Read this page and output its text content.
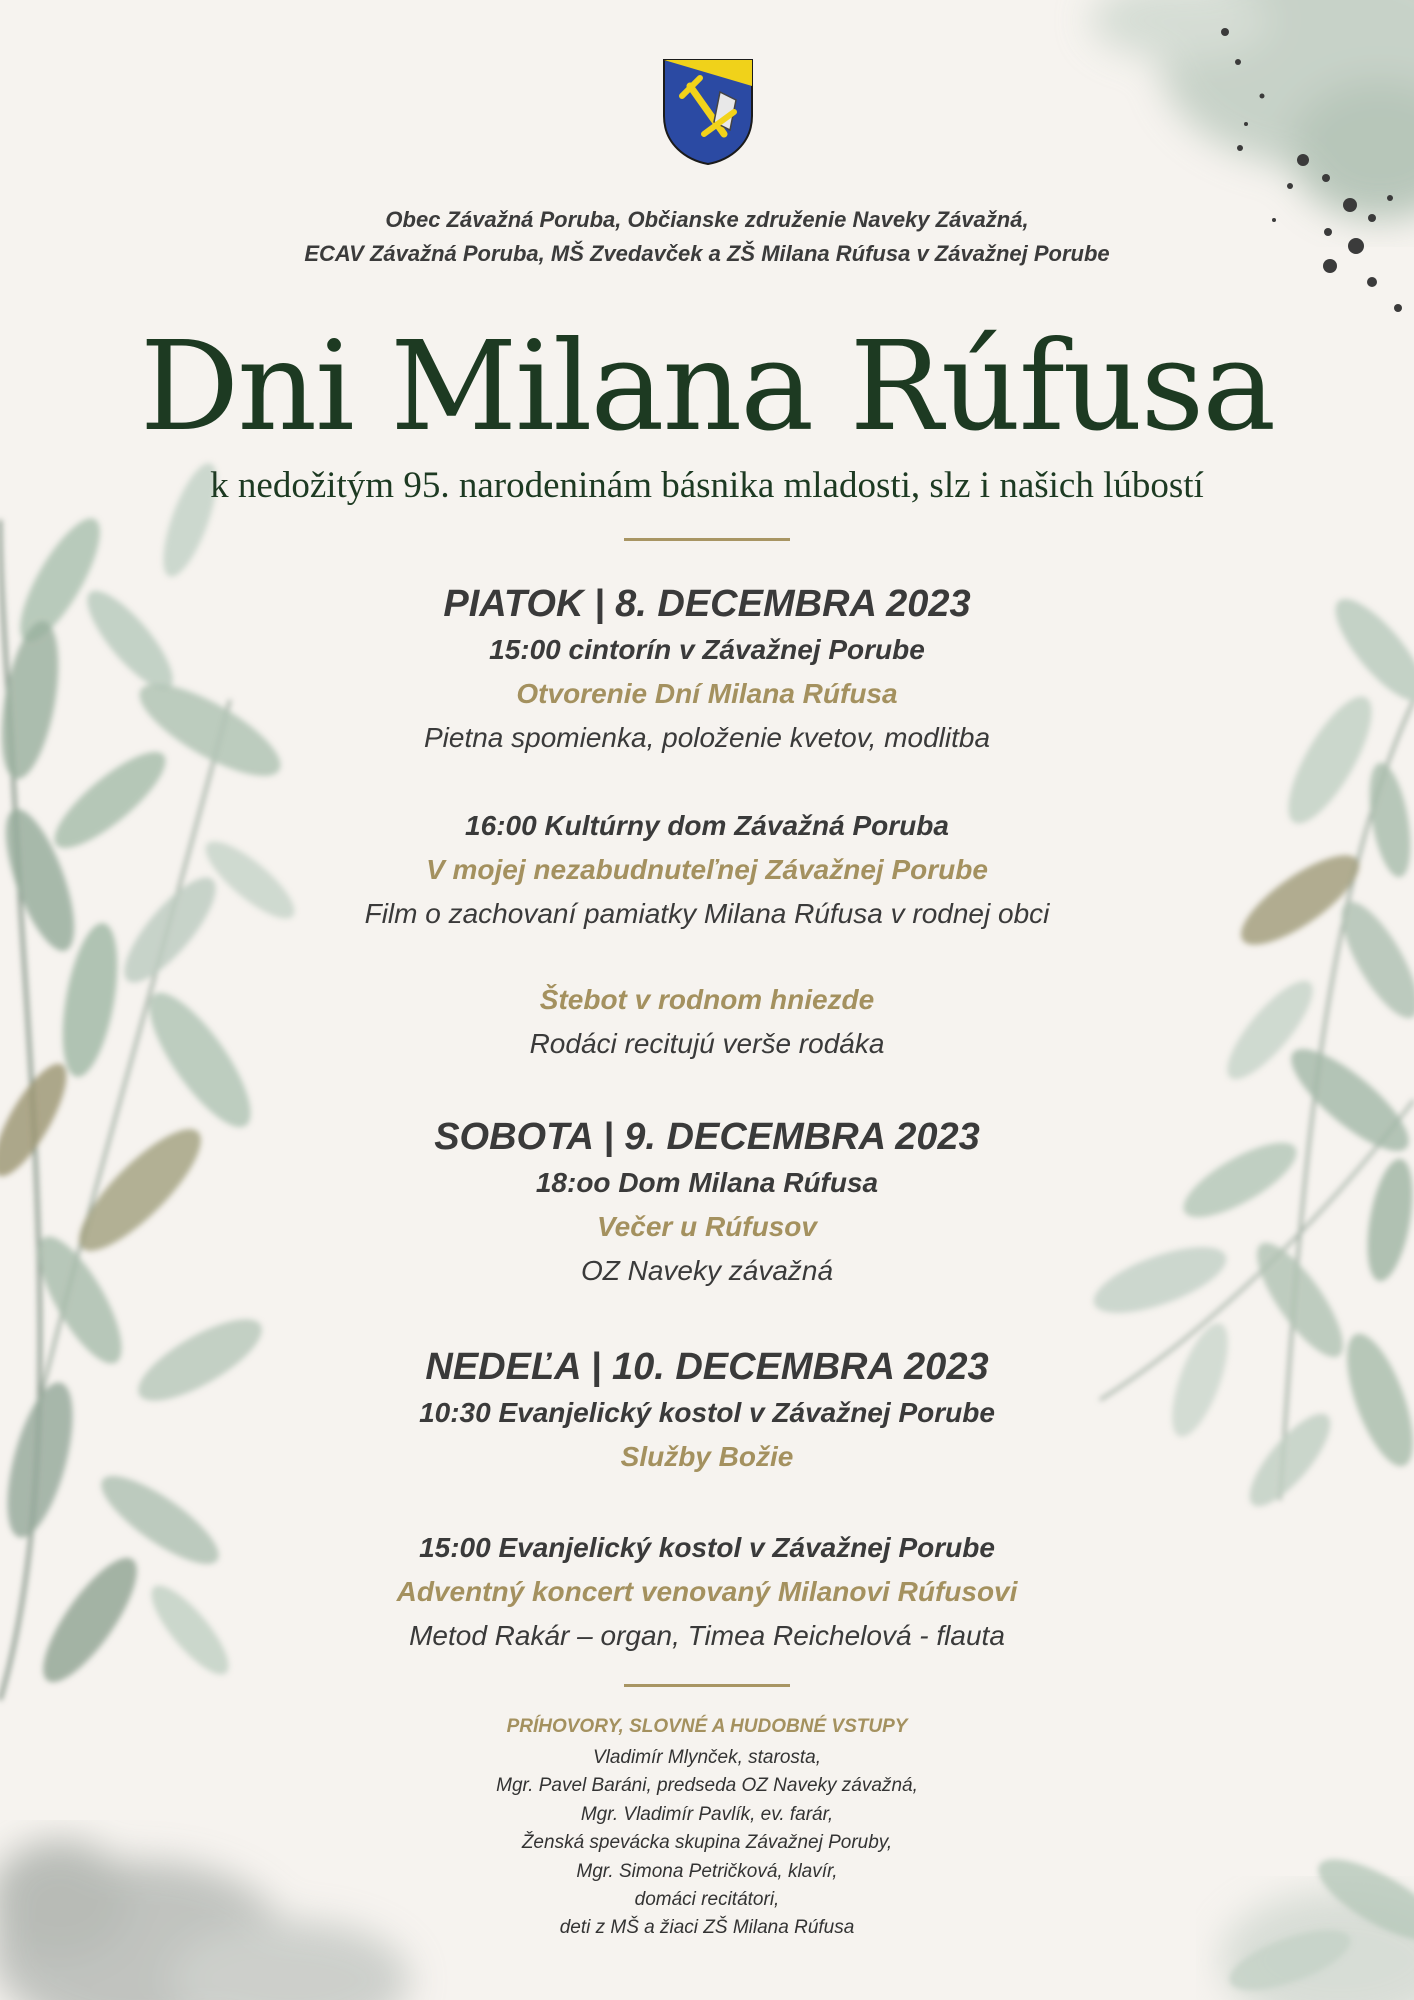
Obec Závažná Poruba, Občianske združenie Naveky Závažná,
ECAV Závažná Poruba, MŠ Zvedavček a ZŠ Milana Rúfusa v Závažnej Porube
Dni Milana Rúfusa
k nedožitým 95. narodeninám básnika mladosti, slz i našich lúbostí
PIATOK | 8. DECEMBRA 2023
15:00 cintorín v Závažnej Porube
Otvorenie Dní Milana Rúfusa
Pietna spomienka, položenie kvetov, modlitba
16:00 Kultúrny dom Závažná Poruba
V mojej nezabudnuteľnej Závažnej Porube
Film o zachovaní pamiatky Milana Rúfusa v rodnej obci
Štebot v rodnom hniezde
Rodáci recitujú verše rodáka
SOBOTA | 9. DECEMBRA 2023
18:oo Dom Milana Rúfusa
Večer u Rúfusov
OZ Naveky závažná
NEDEĽA | 10. DECEMBRA 2023
10:30 Evanjelický kostol v Závažnej Porube
Služby Božie
15:00 Evanjelický kostol v Závažnej Porube
Adventný koncert venovaný Milanovi Rúfusovi
Metod Rakár – organ, Timea Reichelová - flauta
PRÍHOVORY, SLOVNÉ A HUDOBNÉ VSTUPY
Vladimír Mlynček, starosta,
Mgr. Pavel Baráni, predseda OZ Naveky závažná,
Mgr. Vladimír Pavlík, ev. farár,
Ženská spevácka skupina Závažnej Poruby,
Mgr. Simona Petričková, klavír,
domáci recitátori,
deti z MŠ a žiaci ZŠ Milana Rúfusa
